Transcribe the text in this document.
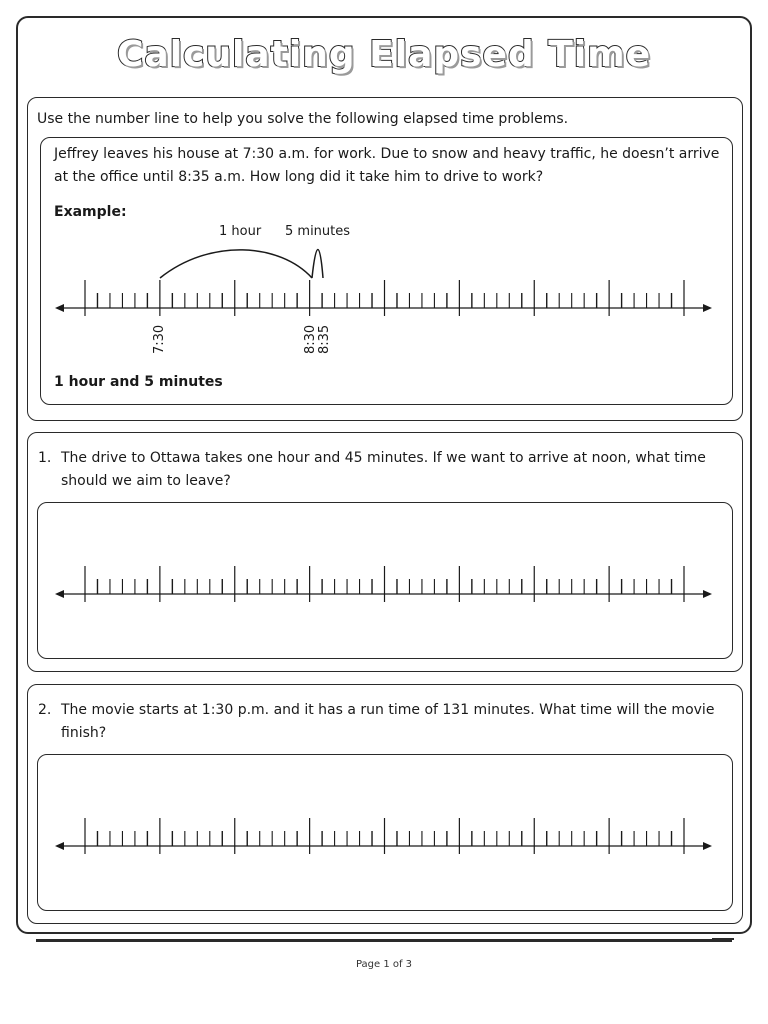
Calculating Elapsed Time
Use the number line to help you solve the following elapsed time problems.
Jeffrey leaves his house at 7:30 a.m. for work. Due to snow and heavy traffic, he doesn’t arrive at the office until 8:35 a.m. How long did it take him to drive to work?
Example:
1 hour 5 minutes
7:30	8:30 8:35
1 hour and 5 minutes
1. The drive to Ottawa takes one hour and 45 minutes. If we want to arrive at noon, what time should we aim to leave?
2. The movie starts at 1:30 p.m. and it has a run time of 131 minutes. What time will the movie finish?
Page 1 of 3
